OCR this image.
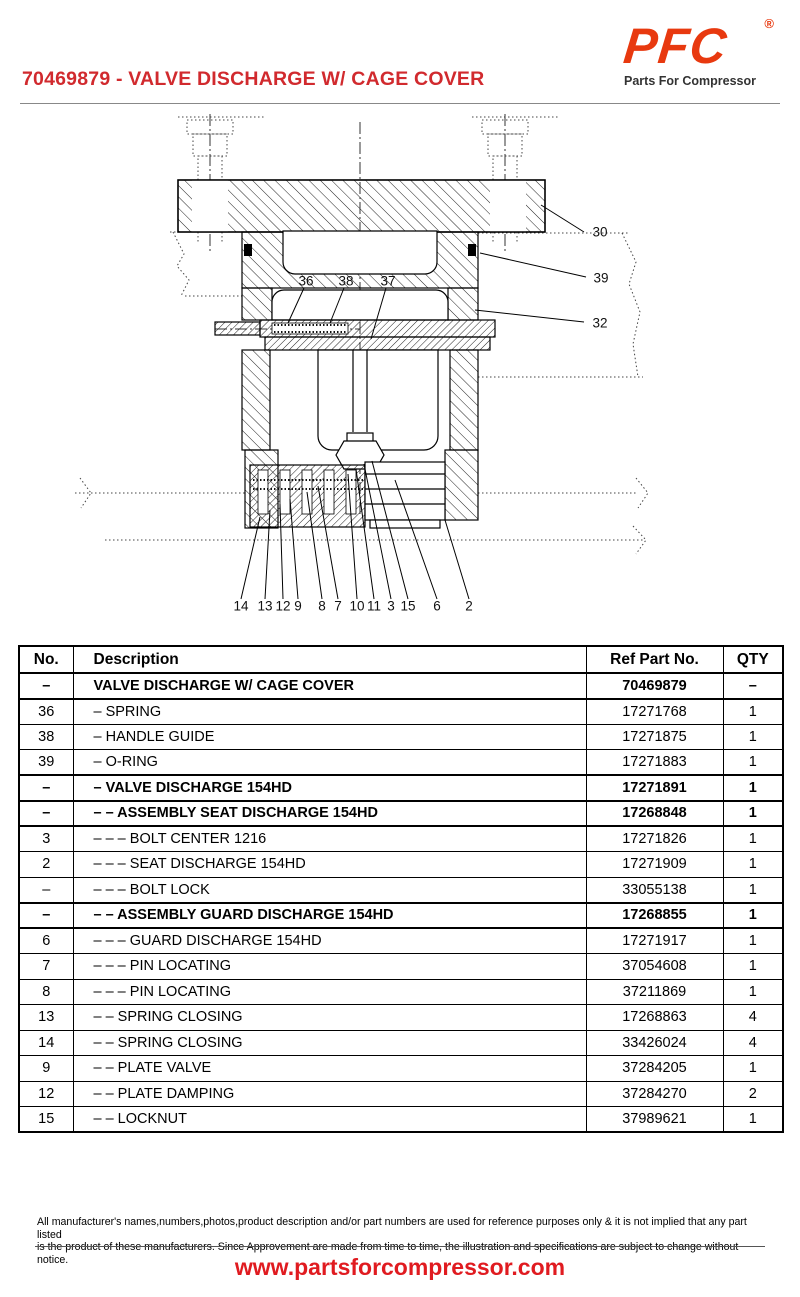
70469879 - VALVE DISCHARGE W/ CAGE COVER
PFC	®
Parts For Compressor
36 38 37
30
39
32
14 13 12 9 8 7 10 11 3 15 6 2
No.	Description	Ref Part No.	QTY
–	VALVE DISCHARGE W/ CAGE COVER	70469879	–
36	– SPRING	17271768	1
38	– HANDLE GUIDE	17271875	1
39	– O-RING	17271883	1
–	– VALVE DISCHARGE 154HD	17271891	1
–	– – ASSEMBLY SEAT DISCHARGE 154HD	17268848	1
3	– – – BOLT CENTER 1216	17271826	1
2	– – – SEAT DISCHARGE 154HD	17271909	1
–	– – – BOLT LOCK	33055138	1
–	– – ASSEMBLY GUARD DISCHARGE 154HD	17268855	1
6	– – – GUARD DISCHARGE 154HD	17271917	1
7	– – – PIN LOCATING	37054608	1
8	– – – PIN LOCATING	37211869	1
13	– – SPRING CLOSING	17268863	4
14	– – SPRING CLOSING	33426024	4
9	– – PLATE VALVE	37284205	1
12	– – PLATE DAMPING	37284270	2
15	– – LOCKNUT	37989621	1
All manufacturer's names,numbers,photos,product description and/or part numbers are used for reference purposes only & it is not implied that any part listed
is the product of these manufacturers. Since Approvement are made from time to time, the illustration and specifications are subject to change without notice.	www.partsforcompressor.com
